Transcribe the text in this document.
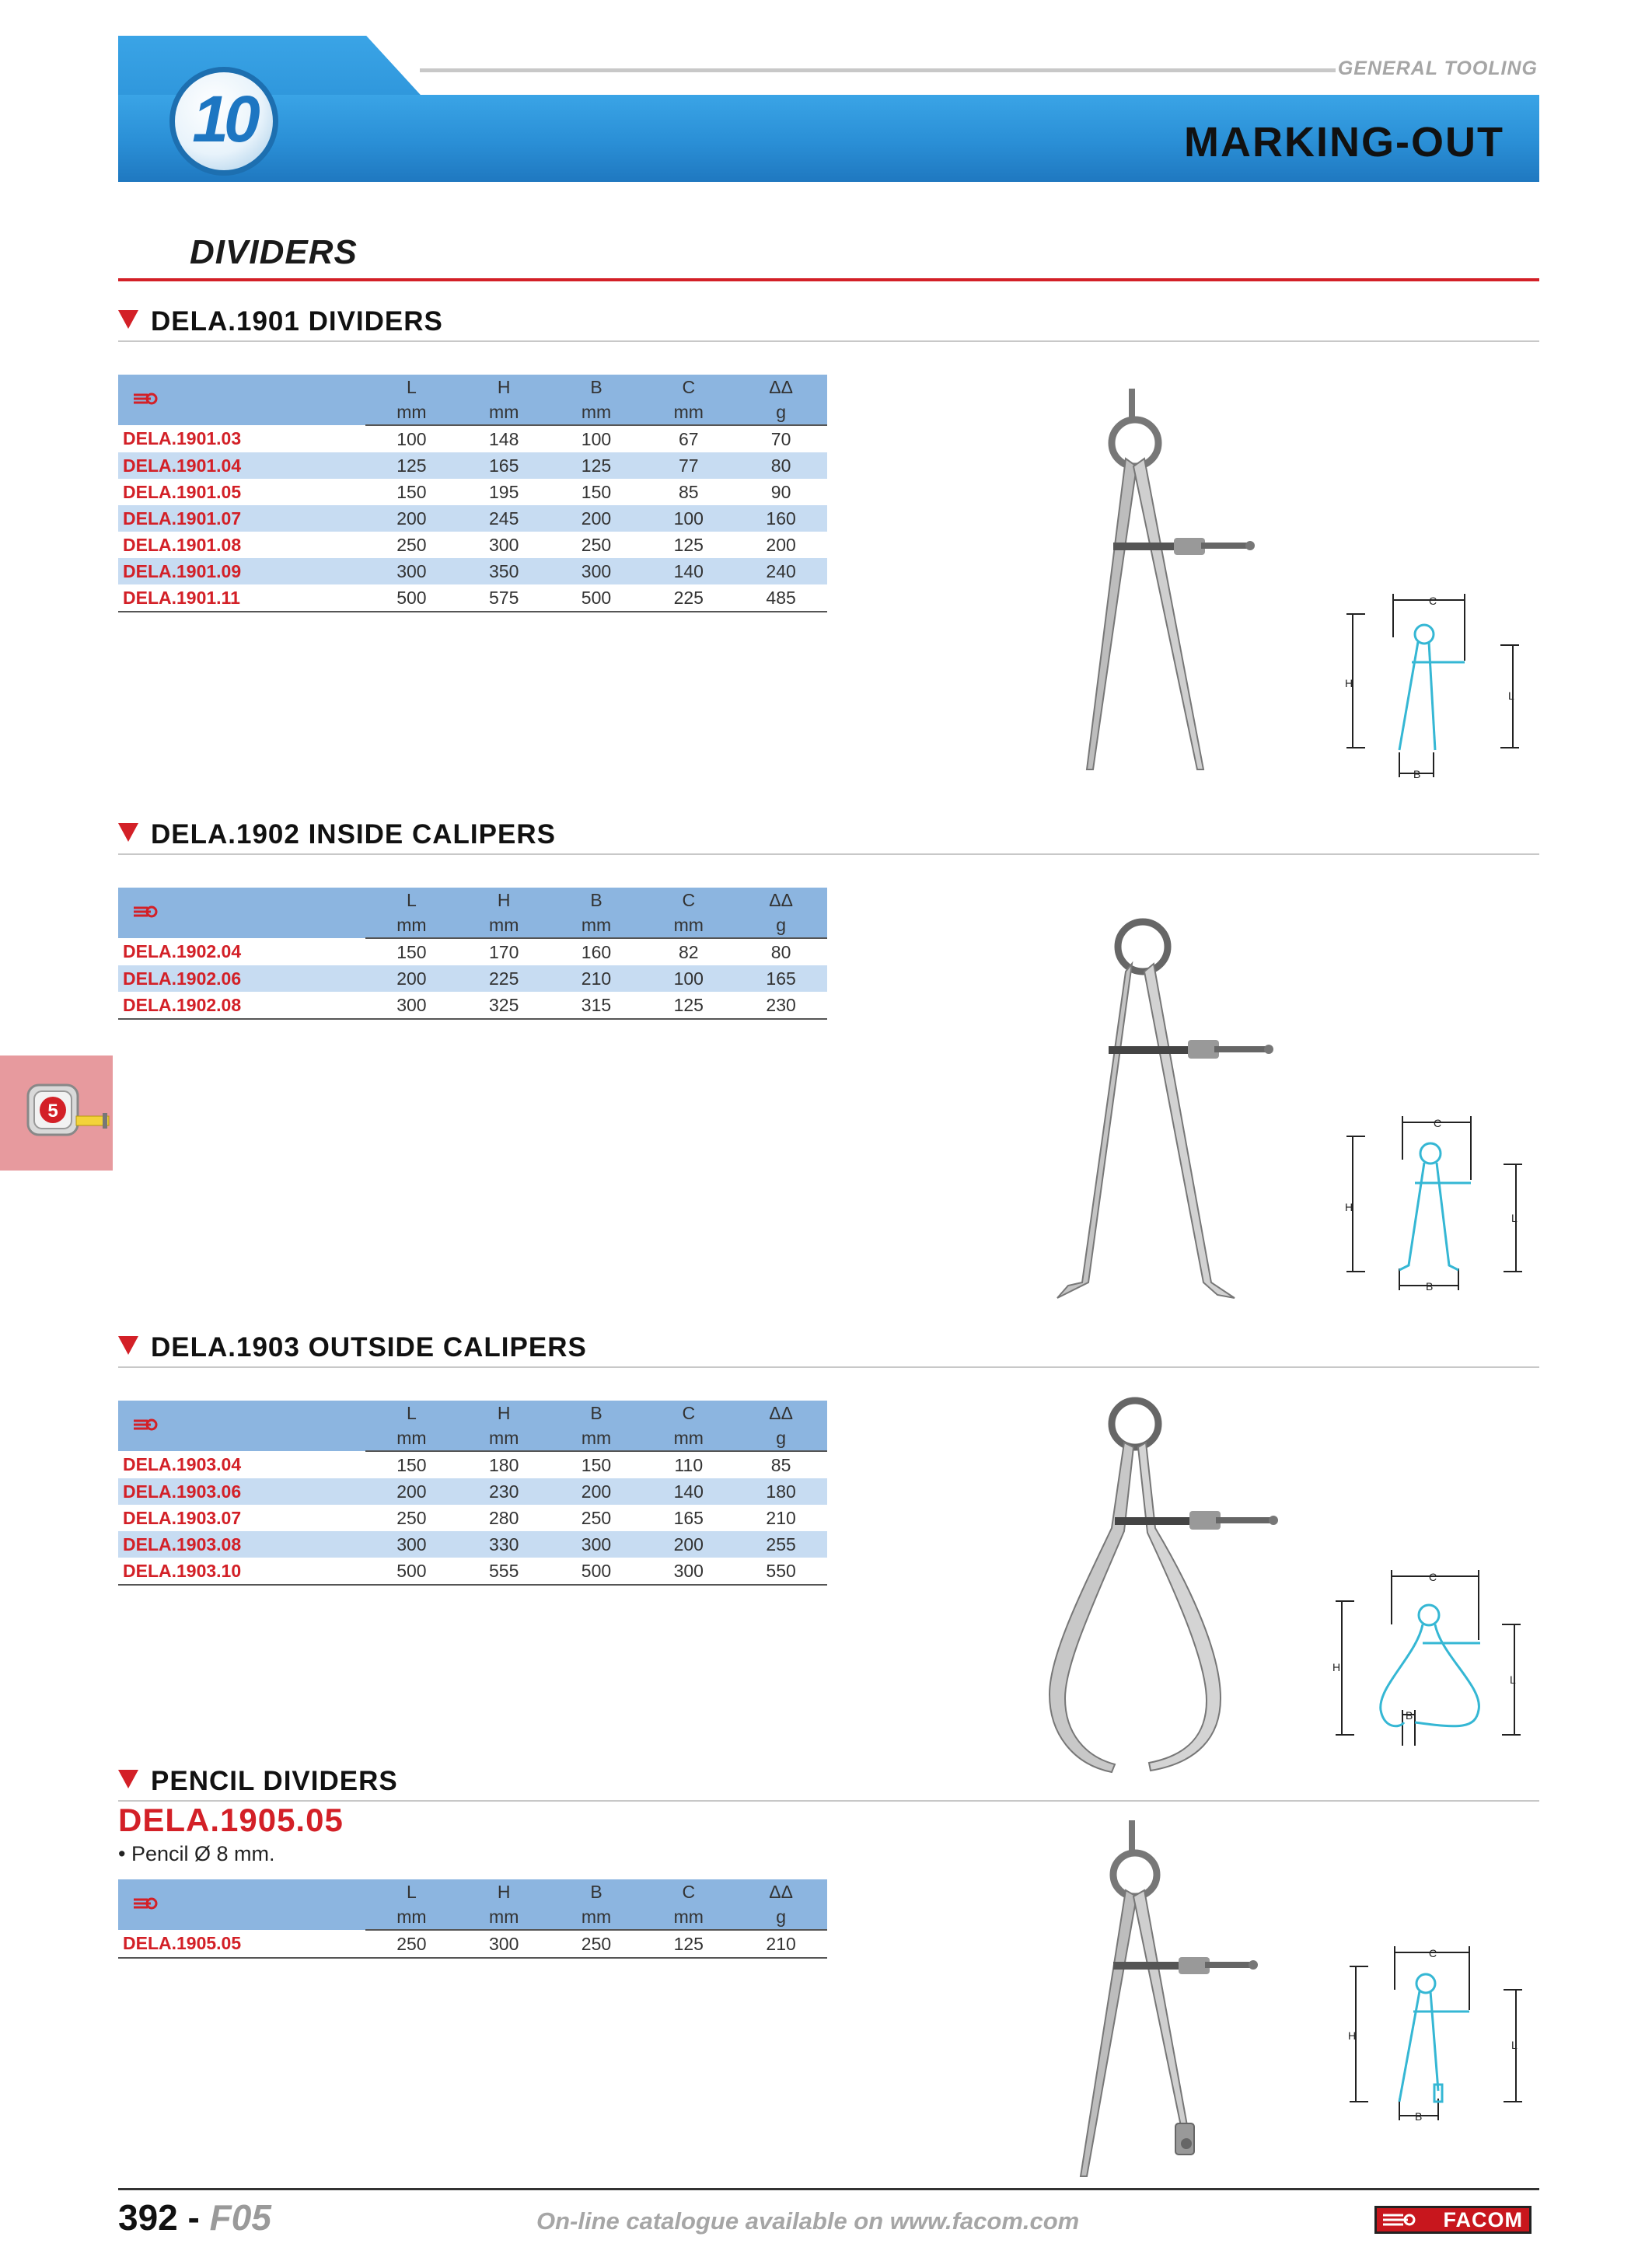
10
GENERAL TOOLING
MARKING-OUT
DIVIDERS
5
DELA.1901 DIVIDERS
	L	H	B	C	ΔΔ
	mm	mm	mm	mm	g
DELA.1901.03	100	148	100	67	70
DELA.1901.04	125	165	125	77	80
DELA.1901.05	150	195	150	85	90
DELA.1901.07	200	245	200	100	160
DELA.1901.08	250	300	250	125	200
DELA.1901.09	300	350	300	140	240
DELA.1901.11	500	575	500	225	485	C
H
L
B
DELA.1902 INSIDE CALIPERS
	L	H	B	C	ΔΔ
	mm	mm	mm	mm	g
DELA.1902.04	150	170	160	82	80
DELA.1902.06	200	225	210	100	165
DELA.1902.08	300	325	315	125	230
C
H
L
B
DELA.1903 OUTSIDE CALIPERS
	L	H	B	C	ΔΔ
	mm	mm	mm	mm	g
DELA.1903.04	150	180	150	110	85
DELA.1903.06	200	230	200	140	180
DELA.1903.07	250	280	250	165	210
DELA.1903.08	300	330	300	200	255
DELA.1903.10	500	555	500	300	550	C
H
L
B
PENCIL DIVIDERS
DELA.1905.05
• Pencil Ø 8 mm.
	L	H	B	C	ΔΔ
	mm	mm	mm	mm	g
DELA.1905.05	250	300	250	125	210	C
H
L
B
392 - F05	On-line catalogue available on www.facom.com	FACOM
